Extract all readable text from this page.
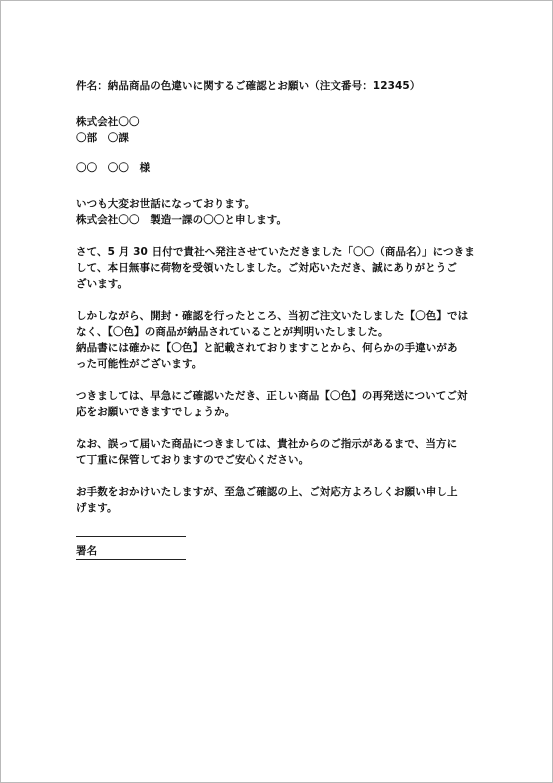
件名：納品商品の色違いに関するご確認とお願い（注文番号：12345）
株式会社〇〇
〇部　〇課
〇〇　〇〇　様
いつも大変お世話になっております。
株式会社〇〇　製造一課の〇〇と申します。
さて、5 月 30 日付で貴社へ発注させていただきました「〇〇（商品名）」につきま
して、本日無事に荷物を受領いたしました。ご対応いただき、誠にありがとうご
ざいます。
しかしながら、開封・確認を行ったところ、当初ご注文いたしました【〇色】では
なく、【〇色】の商品が納品されていることが判明いたしました。
納品書には確かに【〇色】と記載されておりますことから、何らかの手違いがあ
った可能性がございます。
つきましては、早急にご確認いただき、正しい商品【〇色】の再発送についてご対
応をお願いできますでしょうか。
なお、誤って届いた商品につきましては、貴社からのご指示があるまで、当方に
て丁重に保管しておりますのでご安心ください。
お手数をおかけいたしますが、至急ご確認の上、ご対応方よろしくお願い申し上
げます。
署名
